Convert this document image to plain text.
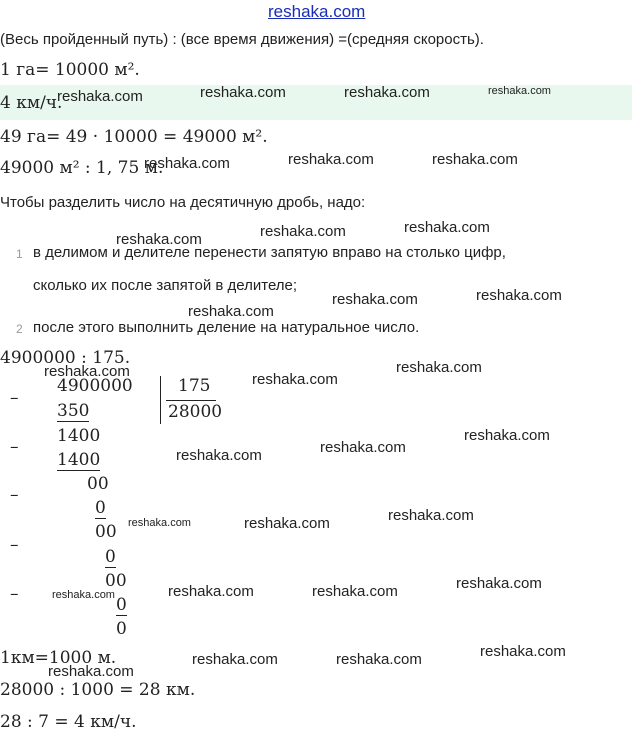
reshaka.com
(Весь пройденный путь) : (все время движения) =(средняя скорость).
1 га= 10000 м².
4 км/ч.
reshaka.com	reshaka.com	reshaka.com	reshaka.com
49 га= 49 · 10000 = 49000 м².
49000 м² : 1, 75 м.
reshaka.com	reshaka.com	reshaka.com
Чтобы разделить число на десятичную дробь, надо:
reshaka.com	reshaka.com
reshaka.com
1 в делимом и делителе перенести запятую вправо на столько цифр,
сколько их после запятой в делителе;
reshaka.com	reshaka.com
reshaka.com
2 после этого выполнить деление на натуральное число.
4900000 : 175.
reshaka.com
4900000	175
28000
reshaka.com
reshaka.com
–
350
–
1400
1400	reshaka.com	reshaka.com
reshaka.com
–
00
0
00 reshaka.com	reshaka.com	reshaka.com
–
0
00	reshaka.com
–	reshaka.com 0
0
reshaka.com	reshaka.com
1км=1000 м.	reshaka.com	reshaka.com	reshaka.com
reshaka.com
28000 : 1000 = 28 км.
28 : 7 = 4 км/ч.
